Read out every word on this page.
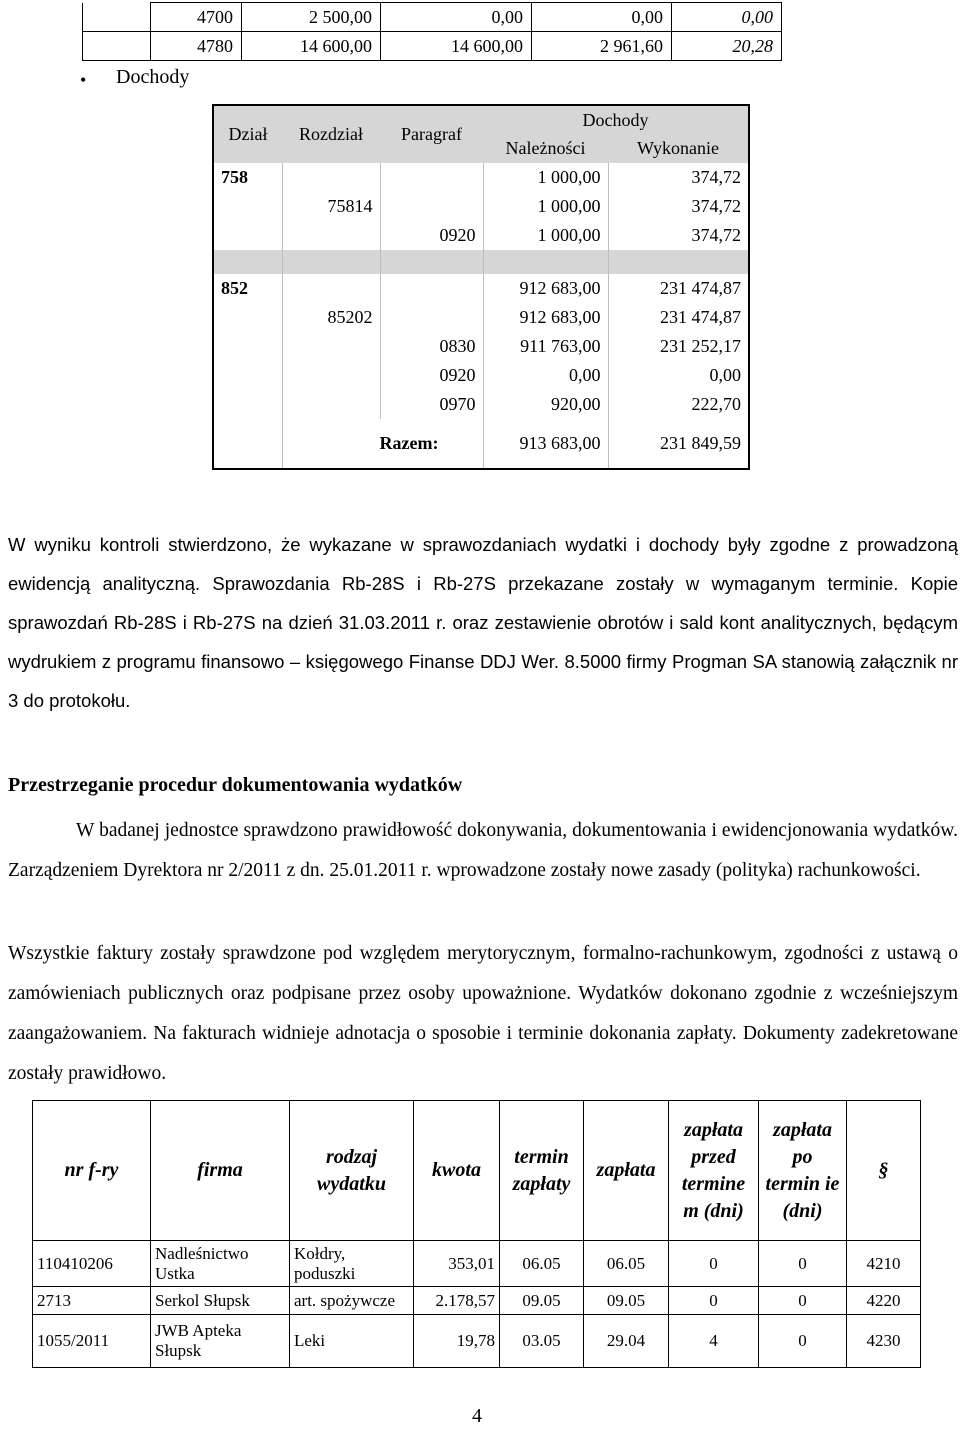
	4700	2 500,00	0,00	0,00	0,00
	4780	14 600,00	14 600,00	2 961,60	20,28
• Dochody
Dział	Rozdział	Paragraf	Dochody	
			Należności	Wykonanie
758			1 000,00	374,72
	75814		1 000,00	374,72
		0920	1 000,00	374,72

852			912 683,00	231 474,87
	85202		912 683,00	231 474,87
		0830	911 763,00	231 252,17
		0920	0,00	0,00
		0970	920,00	222,70
	Razem:		913 683,00	231 849,59
W wyniku kontroli stwierdzono, że wykazane w sprawozdaniach wydatki i dochody były zgodne z prowadzoną ewidencją analityczną. Sprawozdania Rb-28S i Rb-27S przekazane zostały w wymaganym terminie. Kopie sprawozdań Rb-28S i Rb-27S na dzień 31.03.2011 r. oraz zestawienie obrotów i sald kont analitycznych, będącym wydrukiem z programu finansowo – księgowego Finanse DDJ Wer. 8.5000 firmy Progman SA stanowią załącznik nr 3 do protokołu.
Przestrzeganie procedur dokumentowania wydatków
W badanej jednostce sprawdzono prawidłowość dokonywania, dokumentowania i ewidencjonowania wydatków. Zarządzeniem Dyrektora nr 2/2011 z dn. 25.01.2011 r. wprowadzone zostały nowe zasady (polityka) rachunkowości.
Wszystkie faktury zostały sprawdzone pod względem merytorycznym, formalno-rachunkowym, zgodności z ustawą o zamówieniach publicznych oraz podpisane przez osoby upoważnione. Wydatków dokonano zgodnie z wcześniejszym zaangażowaniem. Na fakturach widnieje adnotacja o sposobie i terminie dokonania zapłaty. Dokumenty zadekretowane zostały prawidłowo.
nr f-ry	firma	rodzaj wydatku	kwota	termin zapłaty	zapłata	zapłata przed termine m (dni)	zapłata po termin ie (dni)	§
110410206	Nadleśnictwo Ustka	Kołdry, poduszki	353,01	06.05	06.05	0	0	4210
2713	Serkol Słupsk	art. spożywcze	2.178,57	09.05	09.05	0	0	4220
1055/2011	JWB Apteka Słupsk	Leki	19,78	03.05	29.04	4	0	4230
4
